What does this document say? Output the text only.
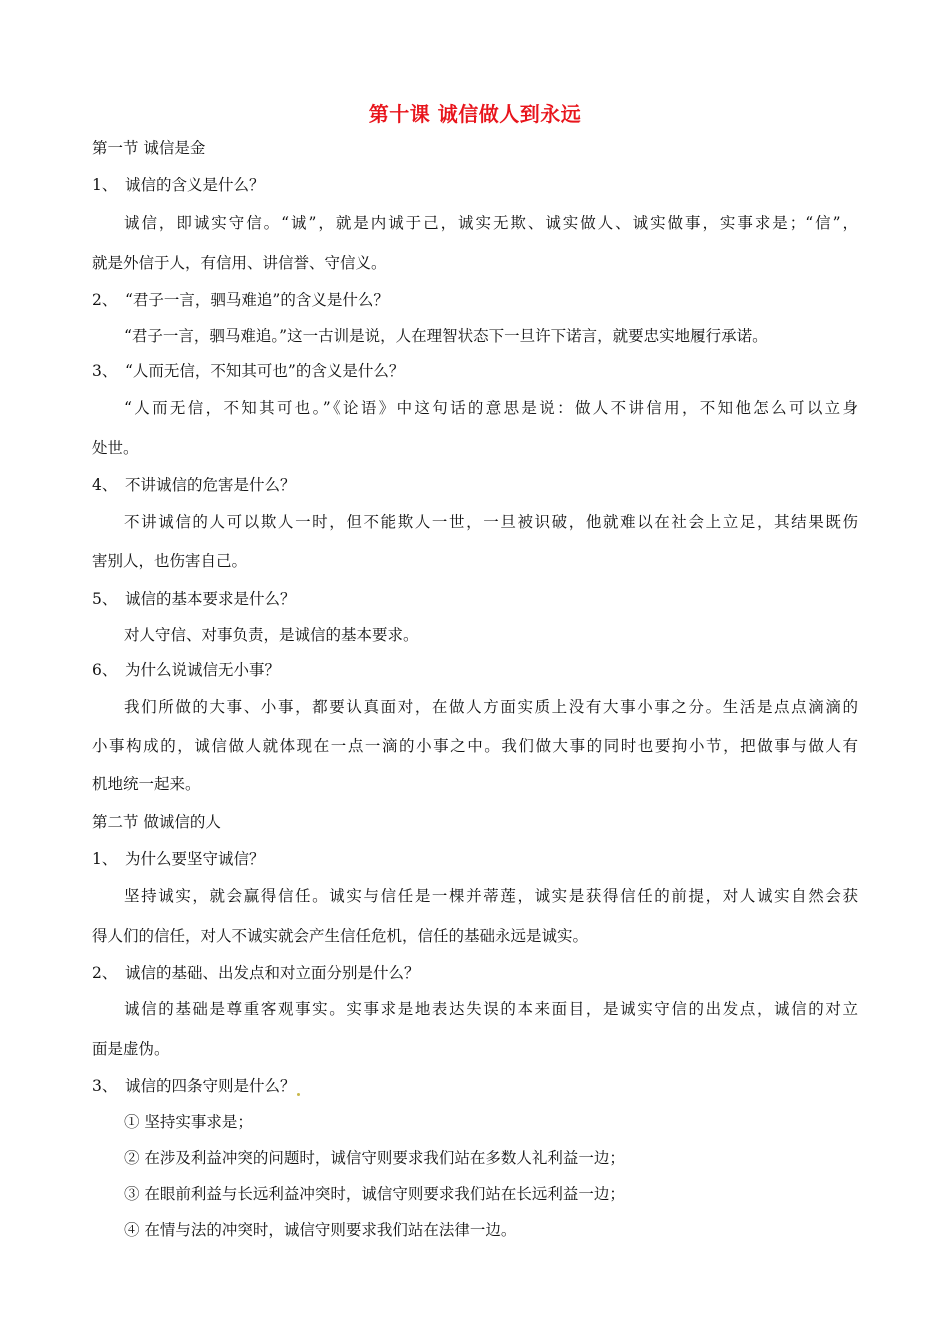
第十课 诚信做人到永远
第一节 诚信是金
1、 诚信的含义是什么？
诚信，即诚实守信。“诚”，就是内诚于己，诚实无欺、诚实做人、诚实做事，实事求是；“信”，
就是外信于人，有信用、讲信誉、守信义。
2、 “君子一言，驷马难追”的含义是什么？
“君子一言，驷马难追。”这一古训是说，人在理智状态下一旦许下诺言，就要忠实地履行承诺。
3、 “人而无信，不知其可也”的含义是什么？
“人而无信，不知其可也。”《论语》中这句话的意思是说：做人不讲信用，不知他怎么可以立身
处世。
4、 不讲诚信的危害是什么？
不讲诚信的人可以欺人一时，但不能欺人一世，一旦被识破，他就难以在社会上立足，其结果既伤
害别人，也伤害自己。
5、 诚信的基本要求是什么？
对人守信、对事负责，是诚信的基本要求。
6、 为什么说诚信无小事？
我们所做的大事、小事，都要认真面对，在做人方面实质上没有大事小事之分。生活是点点滴滴的
小事构成的，诚信做人就体现在一点一滴的小事之中。我们做大事的同时也要拘小节，把做事与做人有
机地统一起来。
第二节 做诚信的人
1、 为什么要坚守诚信？
坚持诚实，就会赢得信任。诚实与信任是一棵并蒂莲，诚实是获得信任的前提，对人诚实自然会获
得人们的信任，对人不诚实就会产生信任危机，信任的基础永远是诚实。
2、 诚信的基础、出发点和对立面分别是什么？
诚信的基础是尊重客观事实。实事求是地表达失误的本来面目，是诚实守信的出发点，诚信的对立
面是虚伪。
3、 诚信的四条守则是什么？
① 坚持实事求是；
② 在涉及利益冲突的问题时，诚信守则要求我们站在多数人礼利益一边；
③ 在眼前利益与长远利益冲突时，诚信守则要求我们站在长远利益一边；
④ 在情与法的冲突时，诚信守则要求我们站在法律一边。
